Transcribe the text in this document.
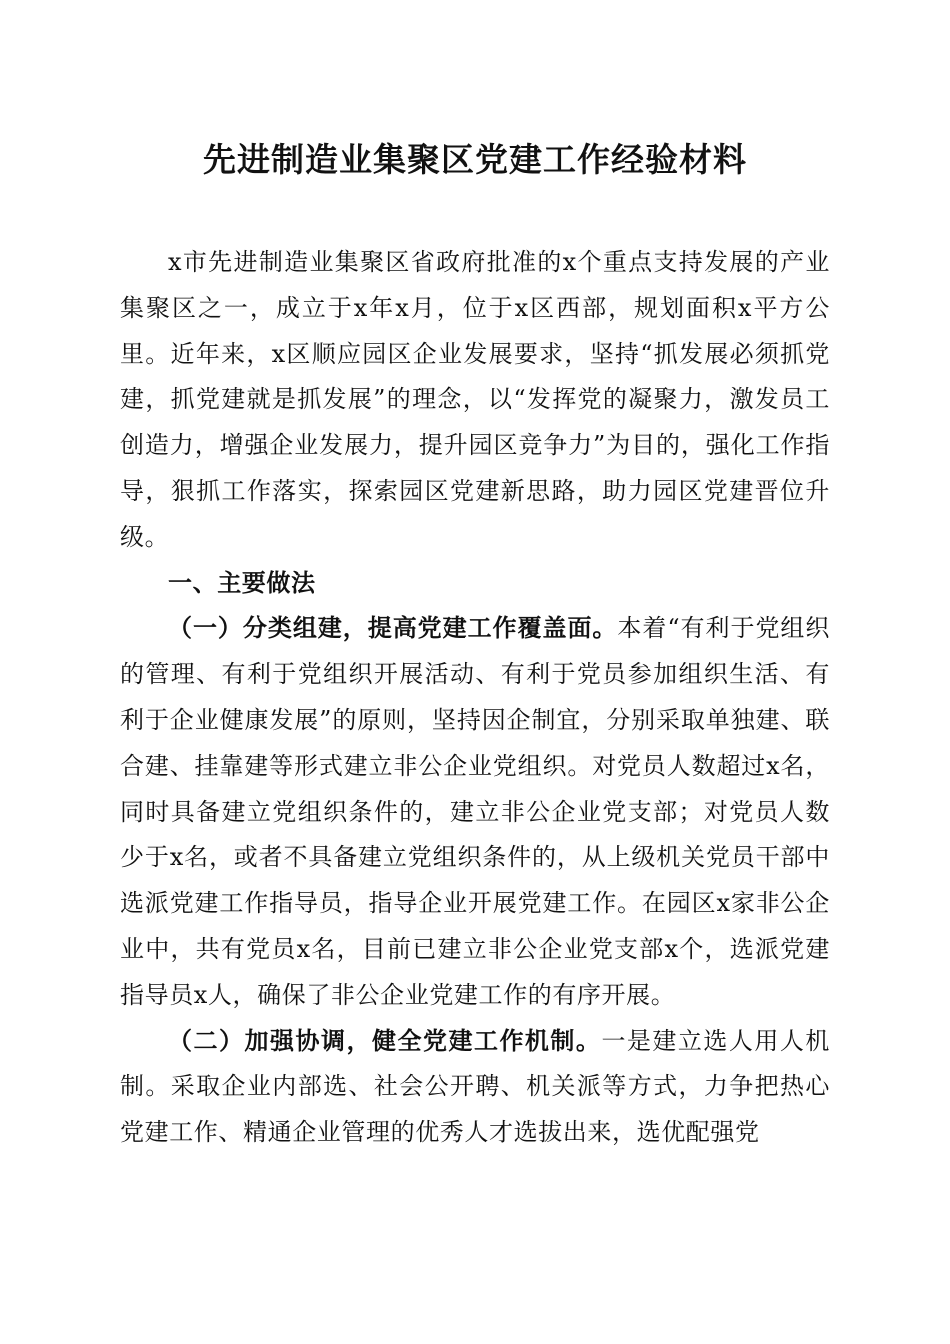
先进制造业集聚区党建工作经验材料

x市先进制造业集聚区省政府批准的x个重点支持发展的产业集聚区之一，成立于x年x月，位于x区西部，规划面积x平方公里。近年来，x区顺应园区企业发展要求，坚持“抓发展必须抓党建，抓党建就是抓发展”的理念，以“发挥党的凝聚力，激发员工创造力，增强企业发展力，提升园区竞争力”为目的，强化工作指导，狠抓工作落实，探索园区党建新思路，助力园区党建晋位升级。

一、主要做法

（一）分类组建，提高党建工作覆盖面。本着“有利于党组织的管理、有利于党组织开展活动、有利于党员参加组织生活、有利于企业健康发展”的原则，坚持因企制宜，分别采取单独建、联合建、挂靠建等形式建立非公企业党组织。对党员人数超过x名，同时具备建立党组织条件的，建立非公企业党支部；对党员人数少于x名，或者不具备建立党组织条件的，从上级机关党员干部中选派党建工作指导员，指导企业开展党建工作。在园区x家非公企业中，共有党员x名，目前已建立非公企业党支部x个，选派党建指导员x人，确保了非公企业党建工作的有序开展。

（二）加强协调，健全党建工作机制。一是建立选人用人机制。采取企业内部选、社会公开聘、机关派等方式，力争把热心党建工作、精通企业管理的优秀人才选拔出来，选优配强党
